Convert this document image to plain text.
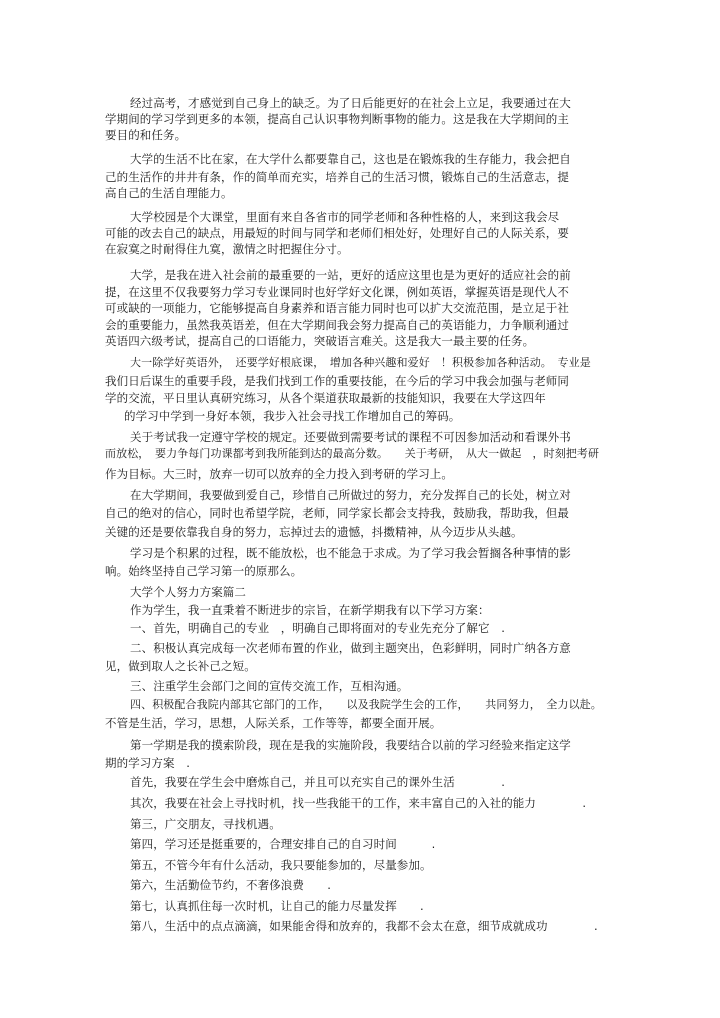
经过高考，才感觉到自己身上的缺乏。为了日后能更好的在社会上立足，我要通过在大
学期间的学习学到更多的本领，提高自己认识事物判断事物的能力。这是我在大学期间的主
要目的和任务。
大学的生活不比在家，在大学什么都要靠自己，这也是在锻炼我的生存能力，我会把自
己的生活作的井井有条，作的简单而充实，培养自己的生活习惯，锻炼自己的生活意志，提
高自己的生活自理能力。
大学校园是个大课堂，里面有来自各省市的同学老师和各种性格的人，来到这我会尽
可能的改去自己的缺点，用最短的时间与同学和老师们相处好，处理好自己的人际关系，要
在寂寞之时耐得住九寞，激情之时把握住分寸。
大学，是我在进入社会前的最重要的一站，更好的适应这里也是为更好的适应社会的前
提，在这里不仅我要努力学习专业课同时也好学好文化课，例如英语，掌握英语是现代人不
可或缺的一项能力，它能够提高自身素养和语言能力同时也可以扩大交流范围，是立足于社
会的重要能力，虽然我英语差，但在大学期间我会努力提高自己的英语能力，力争顺利通过
英语四六级考试，提高自己的口语能力，突破语言难关。这是我大一最主要的任务。
大一除学好英语外，　还要学好根底课，　增加各种兴趣和爱好　！积极参加各种活动。　专业是
我们日后谋生的重要手段，是我们找到工作的重要技能，在今后的学习中我会加强与老师同
学的交流，平日里认真研究练习，从各个渠道获取最新的技能知识，我要在大学这四年
的学习中学到一身好本领，我步入社会寻找工作增加自己的筹码。
关于考试我一定遵守学校的规定。还要做到需要考试的课程不可因参加活动和看课外书
而放松，　要力争每门功课都考到我所能到达的最高分数。　　关于考研，　从大一做起　，时刻把考研
作为目标。大三时，放弃一切可以放弃的全力投入到考研的学习上。
在大学期间，我要做到爱自己，珍惜自己所做过的努力，充分发挥自己的长处，树立对
自己的绝对的信心，同时也希望学院，老师，同学家长都会支持我，鼓励我，帮助我，但最
关键的还是要依靠我自身的努力，忘掉过去的遗憾，抖擞精神，从今迈步从头越。
学习是个积累的过程，既不能放松，也不能急于求成。为了学习我会暂搁各种事情的影
响。始终坚持自己学习第一的原那么。
大学个人努力方案篇二
作为学生，我一直秉着不断进步的宗旨，在新学期我有以下学习方案：
一、首先，明确自己的专业　，明确自己即将面对的专业先充分了解它　.
二、积极认真完成每一次老师布置的作业，做到主题突出，色彩鲜明，同时广纳各方意
见，做到取人之长补己之短。
三、注重学生会部门之间的宣传交流工作，互相沟通。
四、积极配合我院内部其它部门的工作，　　以及我院学生会的工作，　　共同努力，　全力以赴。
不管是生活，学习，思想，人际关系，工作等等，都要全面开展。
第一学期是我的摸索阶段，现在是我的实施阶段，我要结合以前的学习经验来指定这学
期的学习方案　.
首先，我要在学生会中磨炼自己，并且可以充实自己的课外生活　　　　.
其次，我要在社会上寻找时机，找一些我能干的工作，来丰富自己的入社的能力　　　　.
第三，广交朋友，寻找机遇。
第四，学习还是挺重要的，合理安排自己的自习时间　　　.
第五，不管今年有什么活动，我只要能参加的，尽量参加。
第六，生活勤俭节约，不奢侈浪费　　.
第七，认真抓住每一次时机，让自己的能力尽量发挥　　.
第八，生活中的点点滴滴，如果能舍得和放弃的，我都不会太在意，细节成就成功　　　　.
